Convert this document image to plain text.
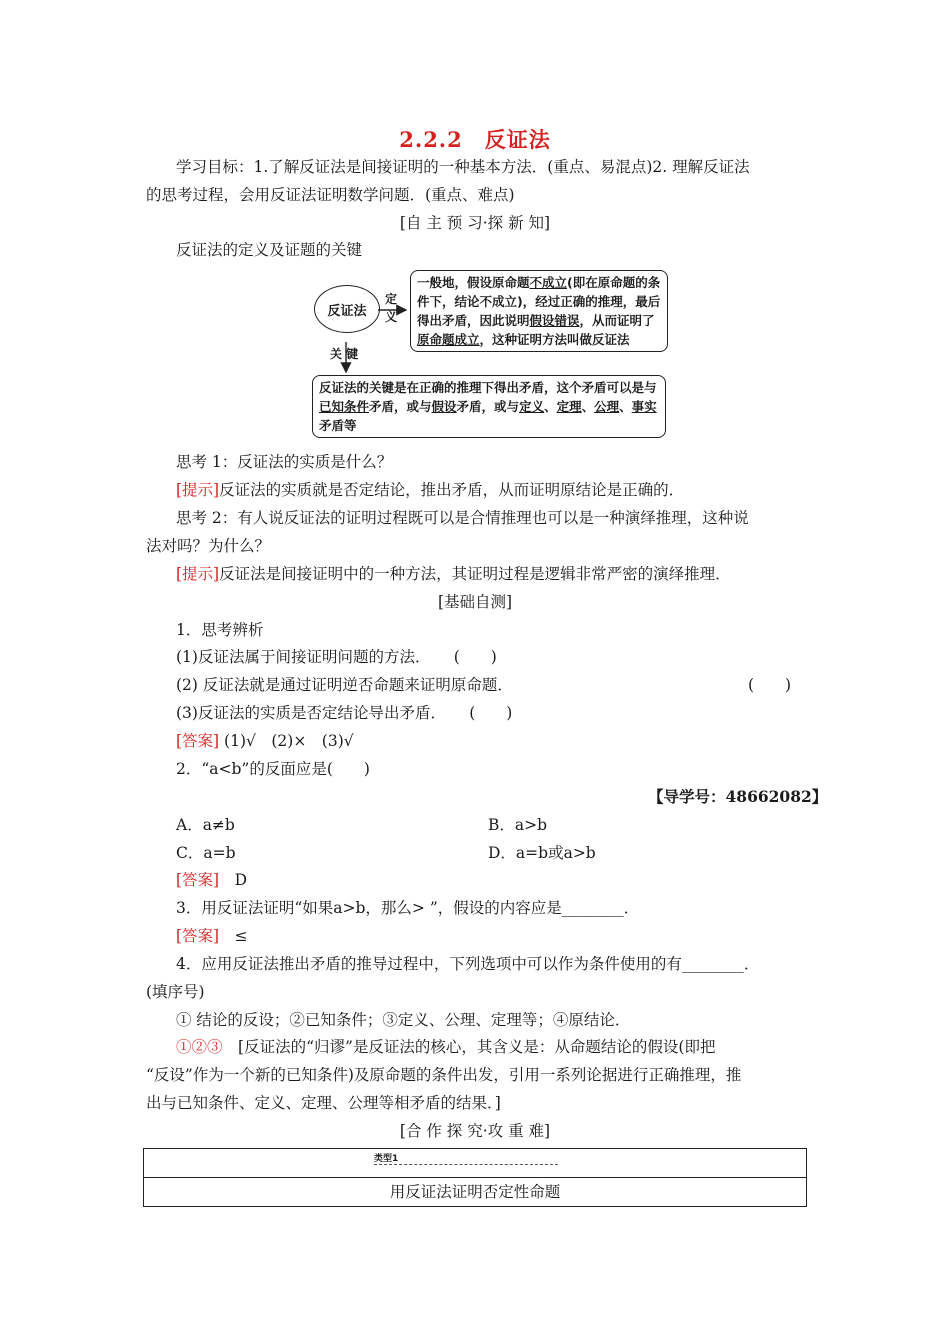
2.2.2　反证法
学习目标：1.了解反证法是间接证明的一种基本方法．(重点、易混点)2. 理解反证法
的思考过程，会用反证法证明数学问题．(重点、难点)
[自 主 预 习·探 新 知]
反证法的定义及证题的关键
反证法
定
义
关 键
一般地，假设原命题不成立(即在原命题的条件下，结论不成立)，经过正确的推理，最后得出矛盾，因此说明假设错误，从而证明了原命题成立，这种证明方法叫做反证法
反证法的关键是在正确的推理下得出矛盾，这个矛盾可以是与已知条件矛盾，或与假设矛盾，或与定义、定理、公理、事实矛盾等
思考 1：反证法的实质是什么？
[提示]反证法的实质就是否定结论，推出矛盾，从而证明原结论是正确的．
思考 2：有人说反证法的证明过程既可以是合情推理也可以是一种演绎推理，这种说
法对吗？为什么？
[提示]反证法是间接证明中的一种方法，其证明过程是逻辑非常严密的演绎推理．
[基础自测]
1．思考辨析
(1)反证法属于间接证明问题的方法．　　(　　)
(2) 反证法就是通过证明逆否命题来证明原命题．	(　　)
(3)反证法的实质是否定结论导出矛盾．　　(　　)
[答案] (1)√　(2)×　(3)√
2．“a<b”的反面应是(　　)
【导学号：48662082】
A．a≠b	B．a>b
C．a=b	D．a=b或a>b
[答案]　D
3．用反证法证明“如果a>b，那么> ”，假设的内容应是________．
[答案]　≤
4．应用反证法推出矛盾的推导过程中，下列选项中可以作为条件使用的有________．
(填序号)
① 结论的反设；②已知条件；③定义、公理、定理等；④原结论．
①②③　[反证法的“归谬”是反证法的核心，其含义是：从命题结论的假设(即把
“反设”作为一个新的已知条件)及原命题的条件出发，引用一系列论据进行正确推理，推
出与已知条件、定义、定理、公理等相矛盾的结果．]
[合 作 探 究·攻 重 难]
类型1

用反证法证明否定性命题
